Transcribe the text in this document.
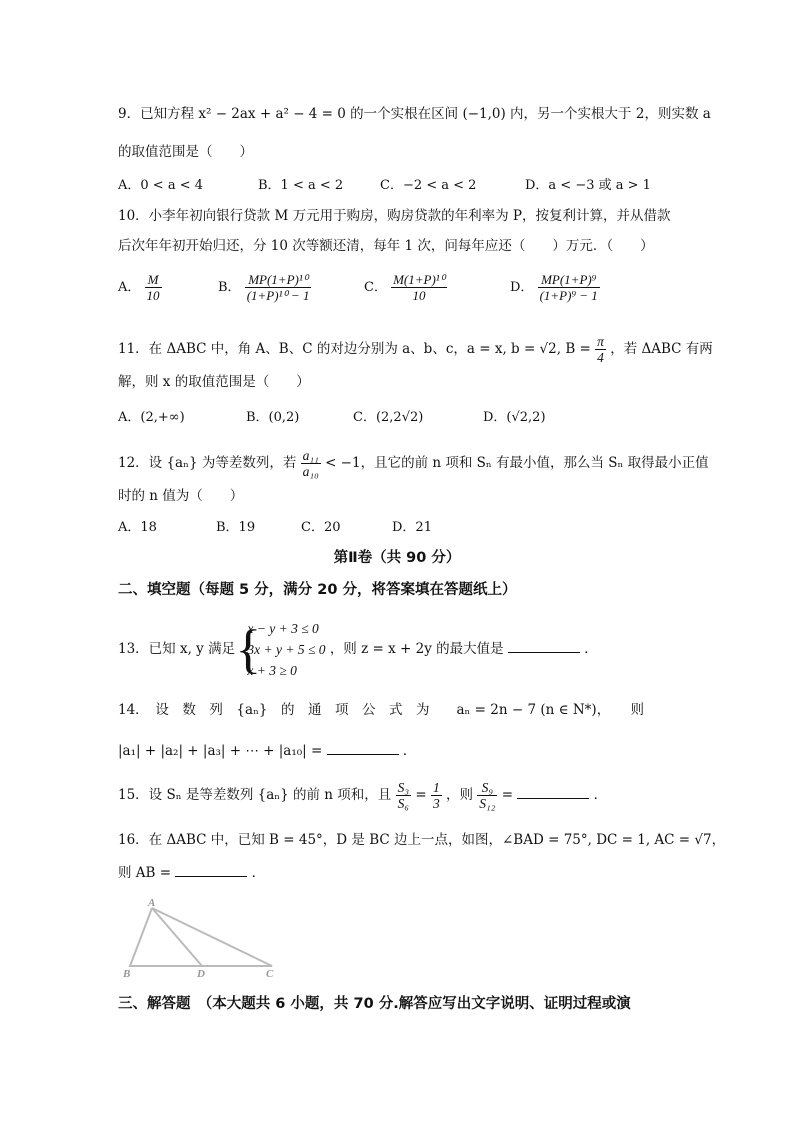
9．已知方程 x² − 2ax + a² − 4 = 0 的一个实根在区间 (−1,0) 内，另一个实根大于 2，则实数 a
的取值范围是（　　）
A．0 < a < 4	B．1 < a < 2	C．−2 < a < 2	D．a < −3 或 a > 1
10．小李年初向银行贷款 M 万元用于购房，购房贷款的年利率为 P，按复利计算，并从借款
后次年年初开始归还，分 10 次等额还清，每年 1 次，问每年应还（　　）万元．（　　）
A． $\frac{M}{10}$	B． $\frac{\text{MP(1+P)¹⁰}}{\text{(1+P)¹⁰ − 1}}$	C． $\frac{\text{M(1+P)¹⁰}}{10}$	D． $\frac{\text{MP(1+P)⁹}}{\text{(1+P)⁹ − 1}}$
11．在 ΔABC 中，角 A、B、C 的对边分别为 a、b、c，a = x, b = √2, $B = \frac{\pi}{4}$ ，若 ΔABC 有两
解，则 x 的取值范围是（　　）
A．(2,+∞)	B．(0,2)	C．(2,2√2)	D．(√2,2)
12．设 {aₙ} 为等差数列，若 $\frac{\text{a₁₁}}{\text{a₁₀}} < -1$，且它的前 n 项和 Sₙ 有最小值，那么当 Sₙ 取得最小正值
时的 n 值为（　　）
A．18	B．19	C．20	D．21
第Ⅱ卷（共 90 分）
二、填空题（每题 5 分，满分 20 分，将答案填在答题纸上）
13．已知 x, y 满足
{ x − y + 3 ≤ 0
3x + y + 5 ≤ 0
x + 3 ≥ 0
，则 z = x + 2y 的最大值是	．
14．　设　数　列　{aₙ}　的　通　项　公　式　为　　aₙ = 2n − 7 (n ∈ N*)，　　则
|a₁| + |a₂| + |a₃| + ⋯ + |a₁₀| =	．
15．设 Sₙ 是等差数列 {aₙ} 的前 n 项和，且 $\frac{\text{S₃}}{\text{S₆}} = \frac{1}{3}$ ，则 $\frac{\text{S₉}}{\text{S₁₂}}$ =	．
16．在 ΔABC 中，已知 B = 45°，D 是 BC 边上一点，如图，∠BAD = 75°, DC = 1, AC = √7，
则 AB =	．
A
B	D	C
三、解答题　（本大题共 6 小题，共 70 分.解答应写出文字说明、证明过程或演
